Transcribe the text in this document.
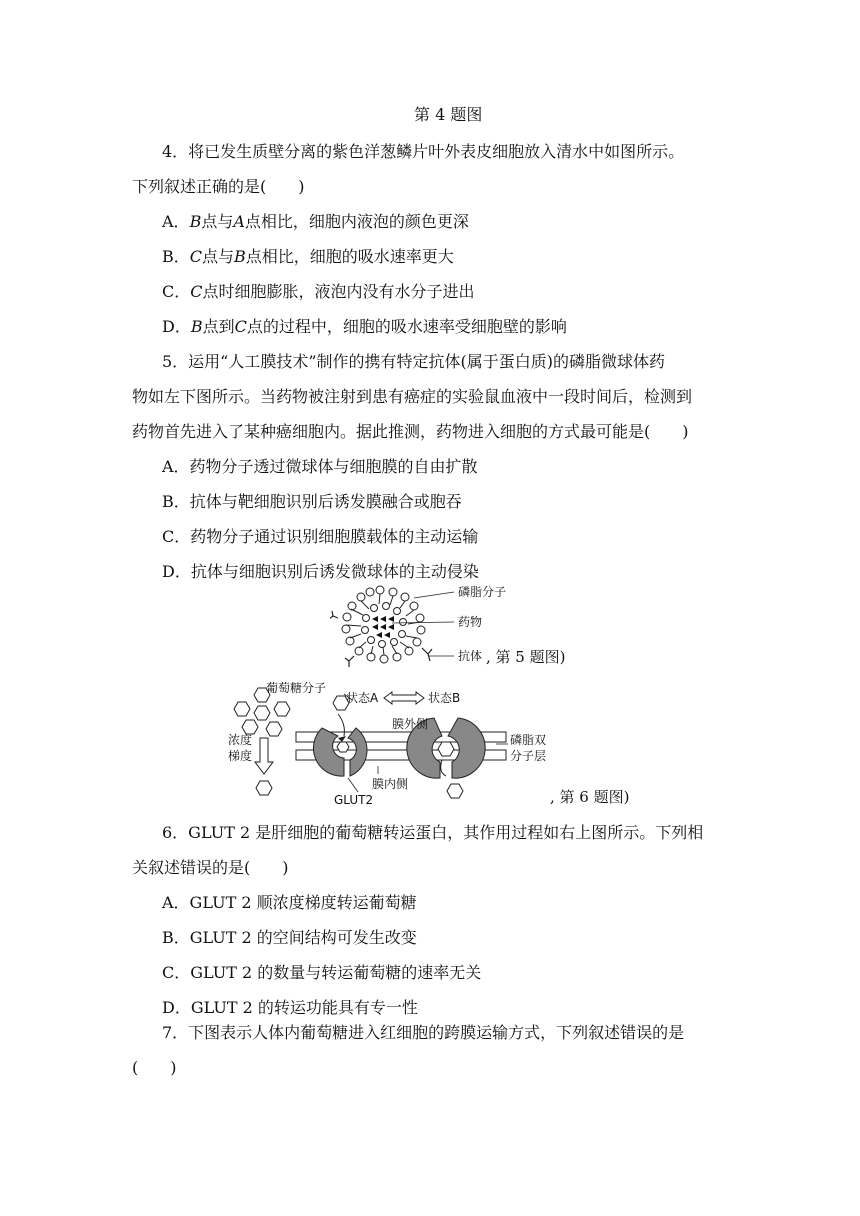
第 4 题图
4．将已发生质壁分离的紫色洋葱鳞片叶外表皮细胞放入清水中如图所示。
下列叙述正确的是(　　)
A．B点与A点相比，细胞内液泡的颜色更深
B．C点与B点相比，细胞的吸水速率更大
C．C点时细胞膨胀，液泡内没有水分子进出
D．B点到C点的过程中，细胞的吸水速率受细胞壁的影响
5．运用“人工膜技术”制作的携有特定抗体(属于蛋白质)的磷脂微球体药
物如左下图所示。当药物被注射到患有癌症的实验鼠血液中一段时间后，检测到
药物首先进入了某种癌细胞内。据此推测，药物进入细胞的方式最可能是(　　)
A．药物分子透过微球体与细胞膜的自由扩散
B．抗体与靶细胞识别后诱发膜融合或胞吞
C．药物分子通过识别细胞膜载体的主动运输
D．抗体与细胞识别后诱发微球体的主动侵染
磷脂分子
药物
抗体 , 第 5 题图)
浓度
梯度
葡萄糖分子
状态A	状态B
膜外侧
膜内侧
GLUT2
磷脂双
分子层
, 第 6 题图)
6．GLUT 2 是肝细胞的葡萄糖转运蛋白，其作用过程如右上图所示。下列相
关叙述错误的是(　　)
A．GLUT 2 顺浓度梯度转运葡萄糖
B．GLUT 2 的空间结构可发生改变
C．GLUT 2 的数量与转运葡萄糖的速率无关
D．GLUT 2 的转运功能具有专一性
7．下图表示人体内葡萄糖进入红细胞的跨膜运输方式，下列叙述错误的是
(　　)
